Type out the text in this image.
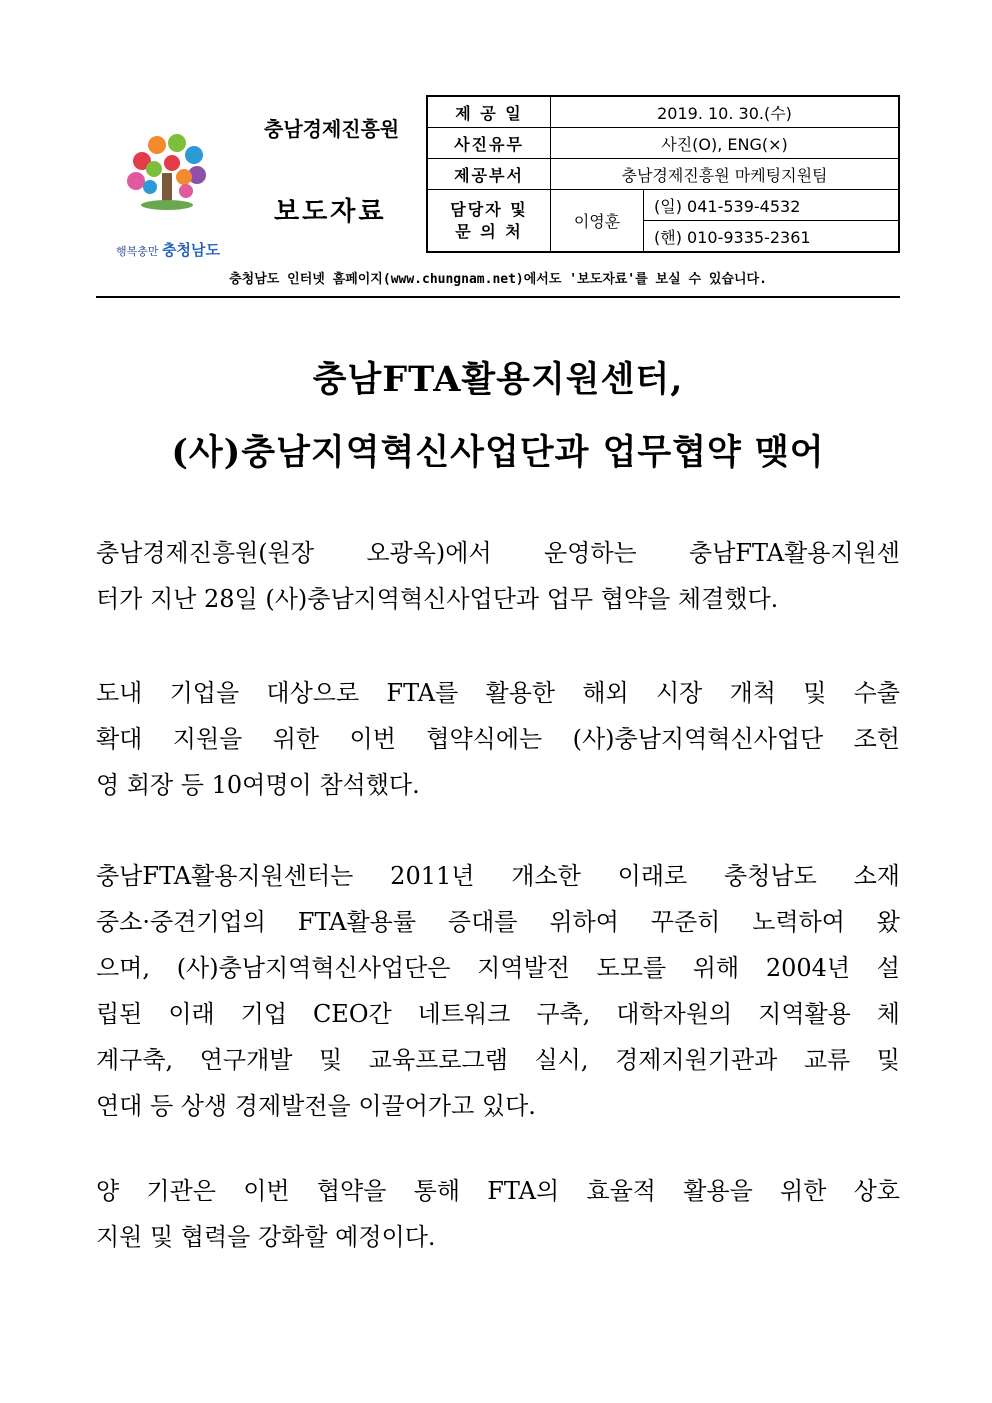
행복충만 충청남도
충남경제진흥원
보도자료
제 공 일	2019. 10. 30.(수)	
사진유무	사진(O), ENG(×)	
제공부서	충남경제진흥원 마케팅지원팀	

담당자 및
문 의 처	이영훈	(일) 041-539-4532
		(핸) 010-9335-2361
충청남도 인터넷 홈페이지(www.chungnam.net)에서도 '보도자료'를 보실 수 있습니다.
충남FTA활용지원센터,
(사)충남지역혁신사업단과 업무협약 맺어
충남경제진흥원(원장 오광옥)에서 운영하는 충남FTA활용지원센
터가 지난 28일 (사)충남지역혁신사업단과 업무 협약을 체결했다.
도내 기업을 대상으로 FTA를 활용한 해외 시장 개척 및 수출
확대 지원을 위한 이번 협약식에는 (사)충남지역혁신사업단 조헌
영 회장 등 10여명이 참석했다.
충남FTA활용지원센터는 2011년 개소한 이래로 충청남도 소재
중소·중견기업의 FTA활용률 증대를 위하여 꾸준히 노력하여 왔
으며, (사)충남지역혁신사업단은 지역발전 도모를 위해 2004년 설
립된 이래 기업 CEO간 네트워크 구축, 대학자원의 지역활용 체
계구축, 연구개발 및 교육프로그램 실시, 경제지원기관과 교류 및
연대 등 상생 경제발전을 이끌어가고 있다.
양 기관은 이번 협약을 통해 FTA의 효율적 활용을 위한 상호
지원 및 협력을 강화할 예정이다.
